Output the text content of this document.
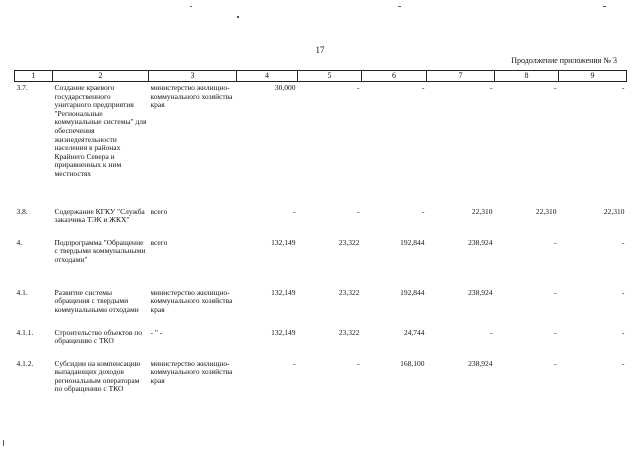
17
Продолжение приложения № 3
1	2	3	4	5	6	7	8	9
3.7.	Создание краевого государственного унитарного предприятия "Региональные коммунальные системы" для обеспечения жизнедеятельности населения в районах Крайнего Севера и приравненных к ним местностях	министерство жилищно-коммунального хозяйства края	30,000	-	-	-	-	-
3.8.	Содержание КГКУ "Служба заказчика ТЭК и ЖКХ"	всего	-	-	-	22,310	22,310	22,310
4.	Подпрограмма "Обращение с твердыми коммунальными отходами"	всего	132,149	23,322	192,844	238,924	-	-
4.1.	Развитие системы обращения с твердыми коммунальными отходами	министерство жилищно-коммунального хозяйства края	132,149	23,322	192,844	238,924	-	-
4.1.1.	Строительство объектов по обращению с ТКО	- " -	132,149	23,322	24,744	-	-	-
4.1.2.	Субсидии на компенсацию выпадающих доходов региональным операторам по обращению с ТКО	министерство жилищно-коммунального хозяйства края	-	-	168,100	238,924	-	-
